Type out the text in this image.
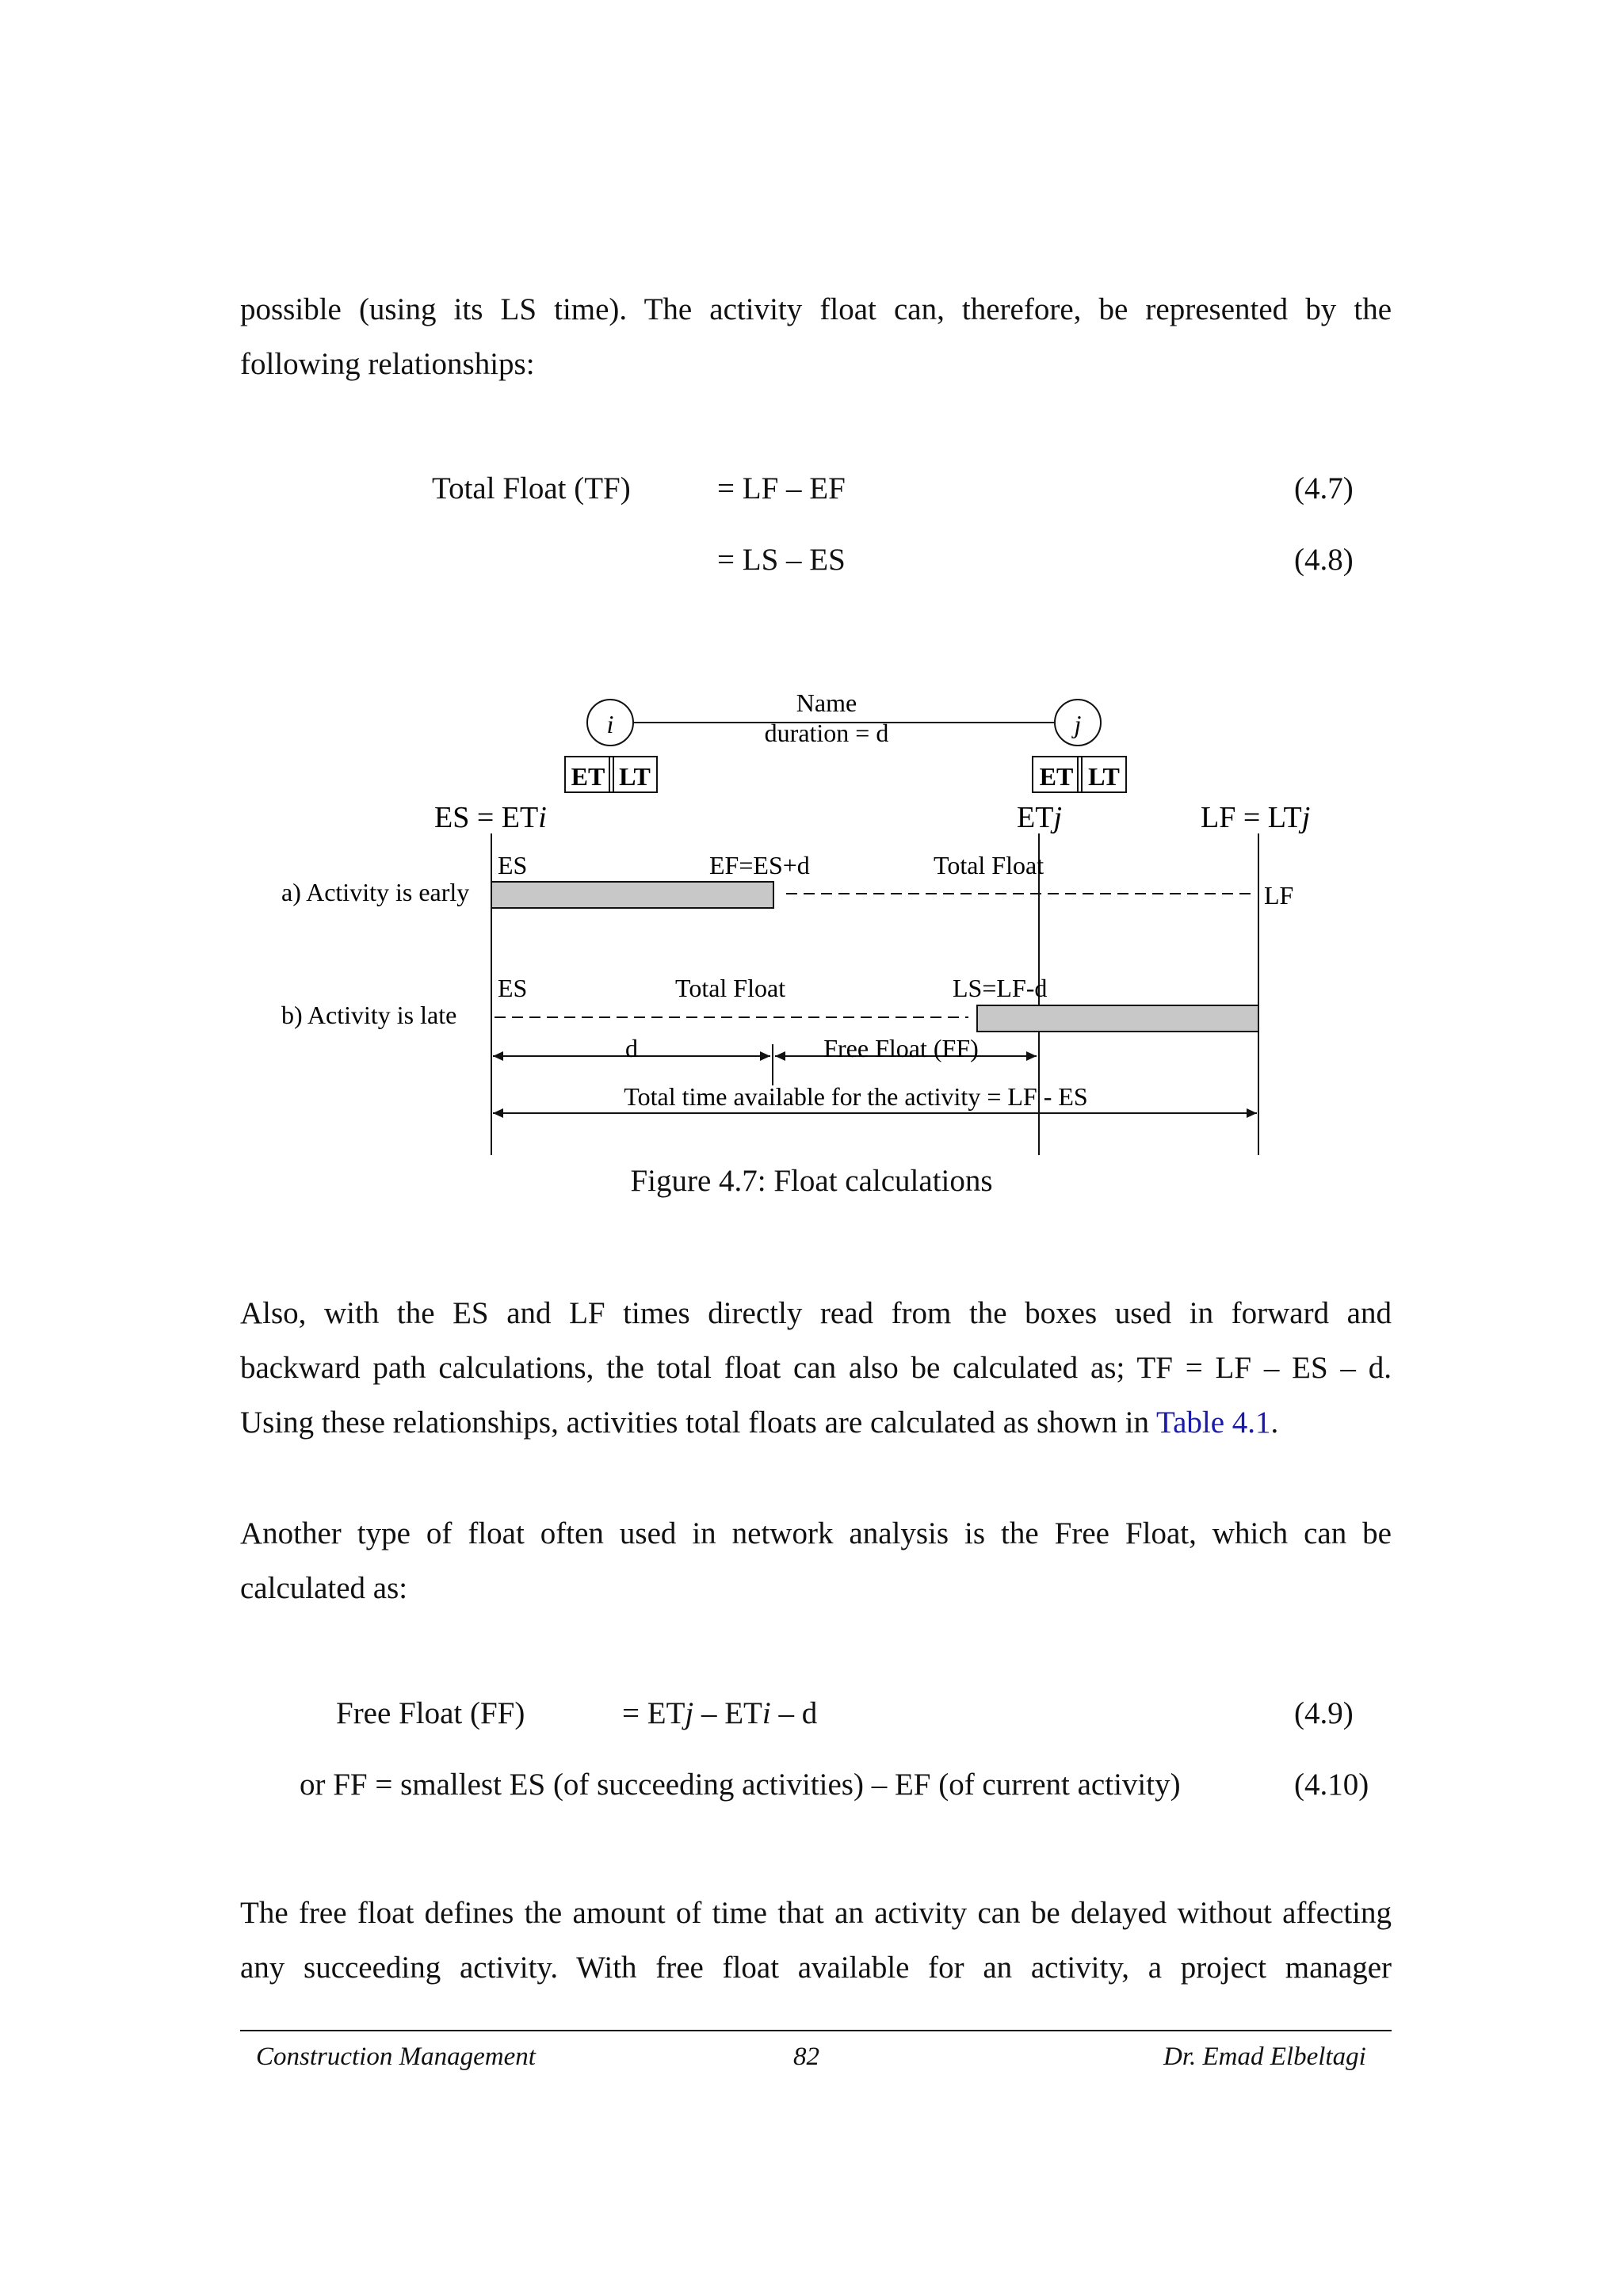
possible (using its LS time). The activity float can, therefore, be represented by the
following relationships:
Total Float (TF)	= LF – EF	(4.7)
= LS – ES	(4.8)
i	j
Name
duration = d
ET LT	ET LT
ES = ETi	ETj	LF = LTj
a) Activity is early
ES	EF=ES+d	Total Float
LF
b) Activity is late
ES	Total Float	LS=LF-d
d	Free Float (FF)
Total time available for the activity = LF - ES
Figure 4.7: Float calculations
Also, with the ES and LF times directly read from the boxes used in forward and
backward path calculations, the total float can also be calculated as; TF = LF – ES – d.
Using these relationships, activities total floats are calculated as shown in Table 4.1.
Another type of float often used in network analysis is the Free Float, which can be
calculated as:
Free Float (FF)	= ETj – ETi – d	(4.9)
or FF = smallest ES (of succeeding activities) – EF (of current activity)	(4.10)
The free float defines the amount of time that an activity can be delayed without affecting
any succeeding activity. With free float available for an activity, a project manager
Construction Management	82	Dr. Emad Elbeltagi
